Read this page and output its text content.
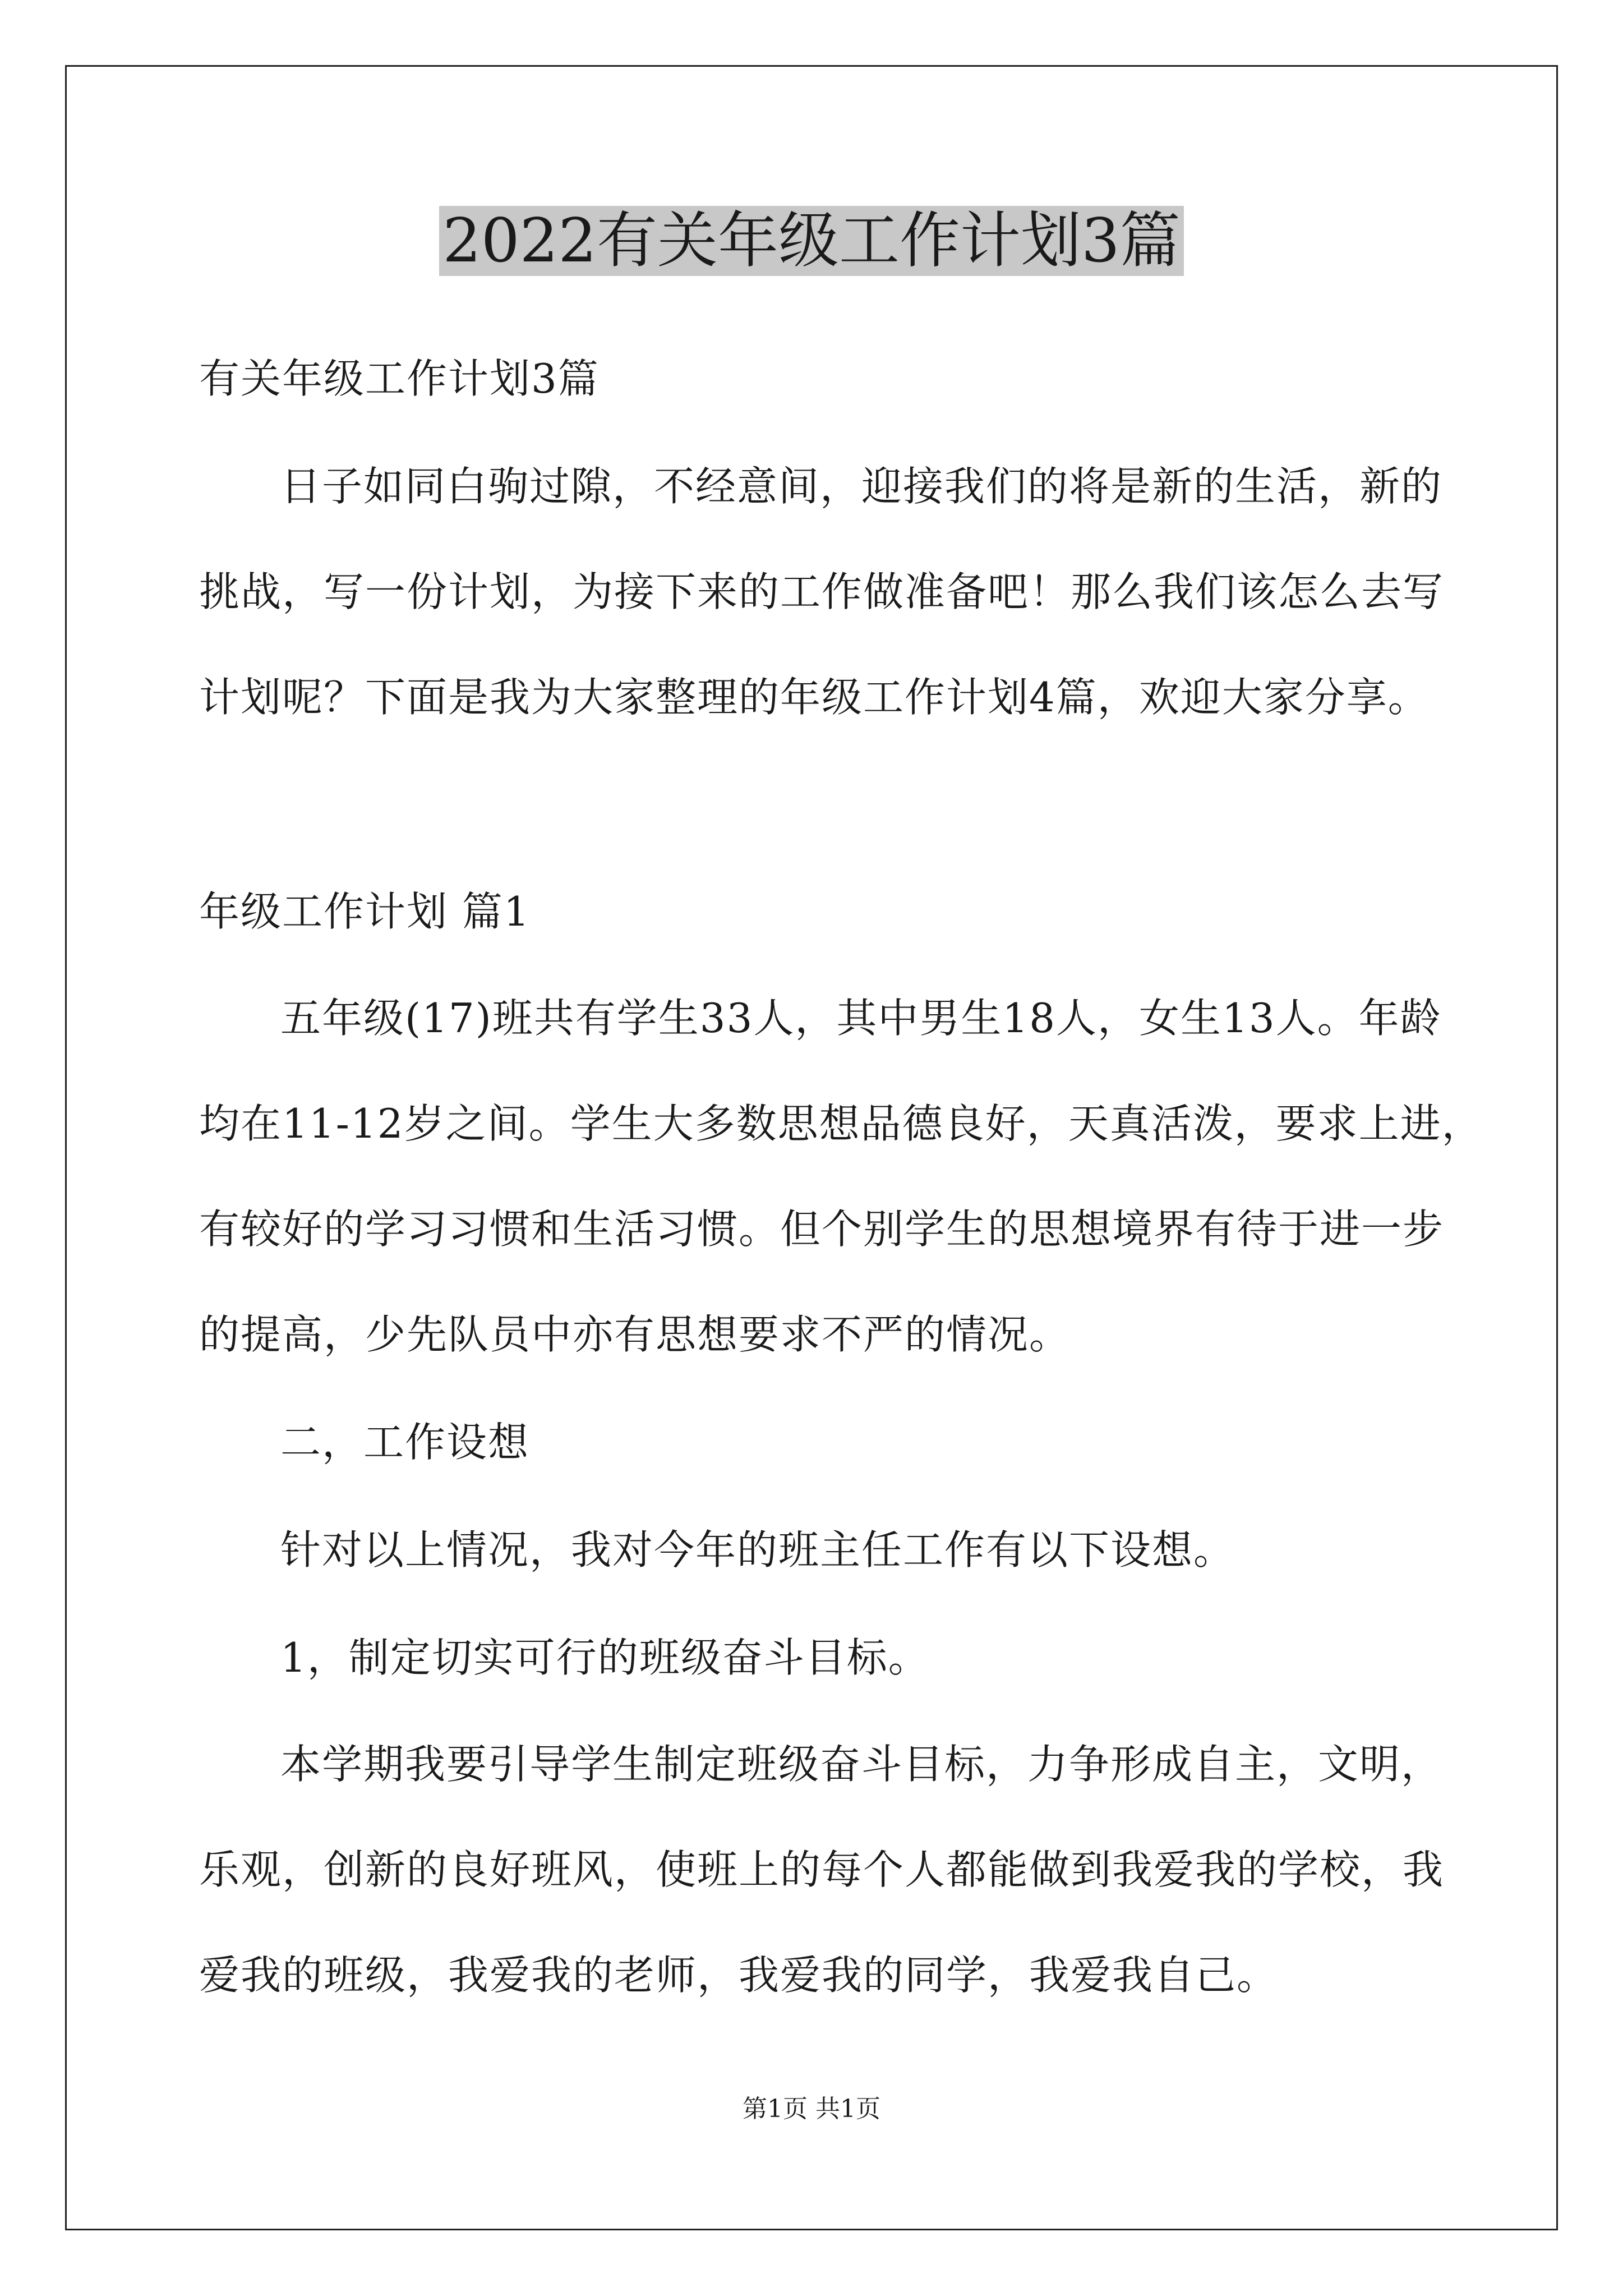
2022有关年级工作计划3篇
有关年级工作计划3篇
日子如同白驹过隙，不经意间，迎接我们的将是新的生活，新的
挑战，写一份计划，为接下来的工作做准备吧！那么我们该怎么去写
计划呢？下面是我为大家整理的年级工作计划4篇，欢迎大家分享。
年级工作计划 篇1
五年级(17)班共有学生33人，其中男生18人，女生13人。年龄
均在11-12岁之间。学生大多数思想品德良好，天真活泼，要求上进，
有较好的学习习惯和生活习惯。但个别学生的思想境界有待于进一步
的提高，少先队员中亦有思想要求不严的情况。
二，工作设想
针对以上情况，我对今年的班主任工作有以下设想。
1，制定切实可行的班级奋斗目标。
本学期我要引导学生制定班级奋斗目标，力争形成自主，文明，
乐观，创新的良好班风，使班上的每个人都能做到我爱我的学校，我
爱我的班级，我爱我的老师，我爱我的同学，我爱我自己。
第1页 共1页
